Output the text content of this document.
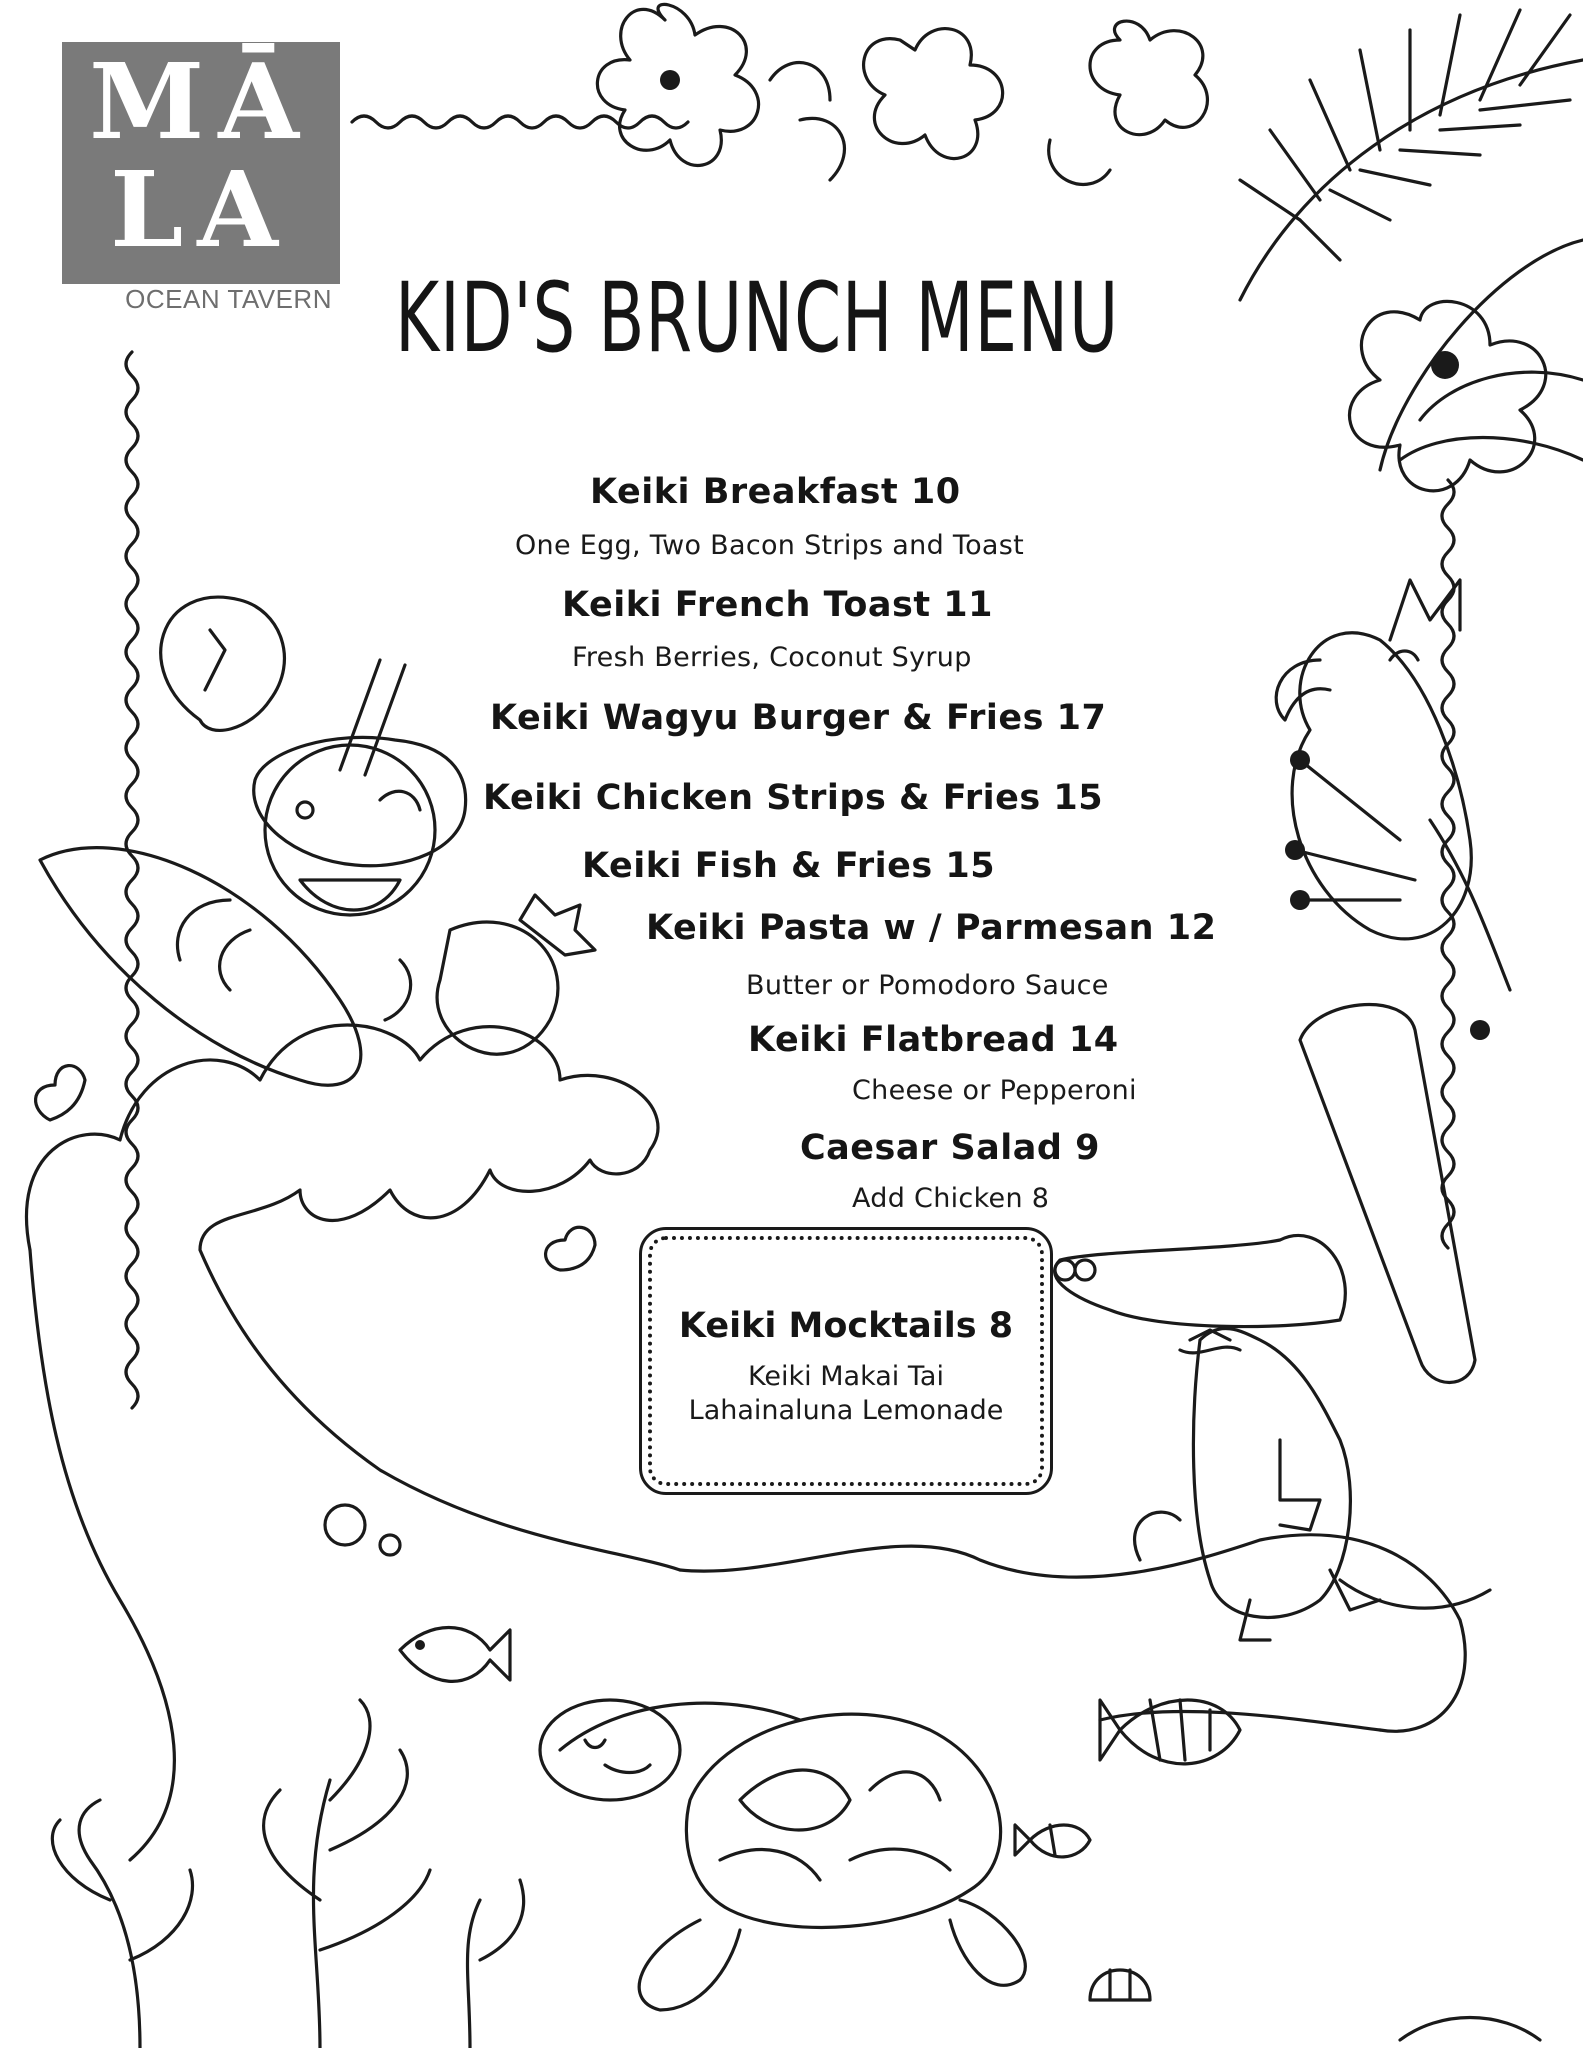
MĀ
LA
OCEAN TAVERN KID'S BRUNCH MENU
Keiki Breakfast 10
One Egg, Two Bacon Strips and Toast
Keiki French Toast 11
Fresh Berries, Coconut Syrup
Keiki Wagyu Burger & Fries 17
Keiki Chicken Strips & Fries 15
Keiki Fish & Fries 15
Keiki Pasta w / Parmesan 12
Butter or Pomodoro Sauce
Keiki Flatbread 14
Cheese or Pepperoni
Caesar Salad 9
Add Chicken 8
Keiki Mocktails 8
Keiki Makai Tai
Lahainaluna Lemonade
